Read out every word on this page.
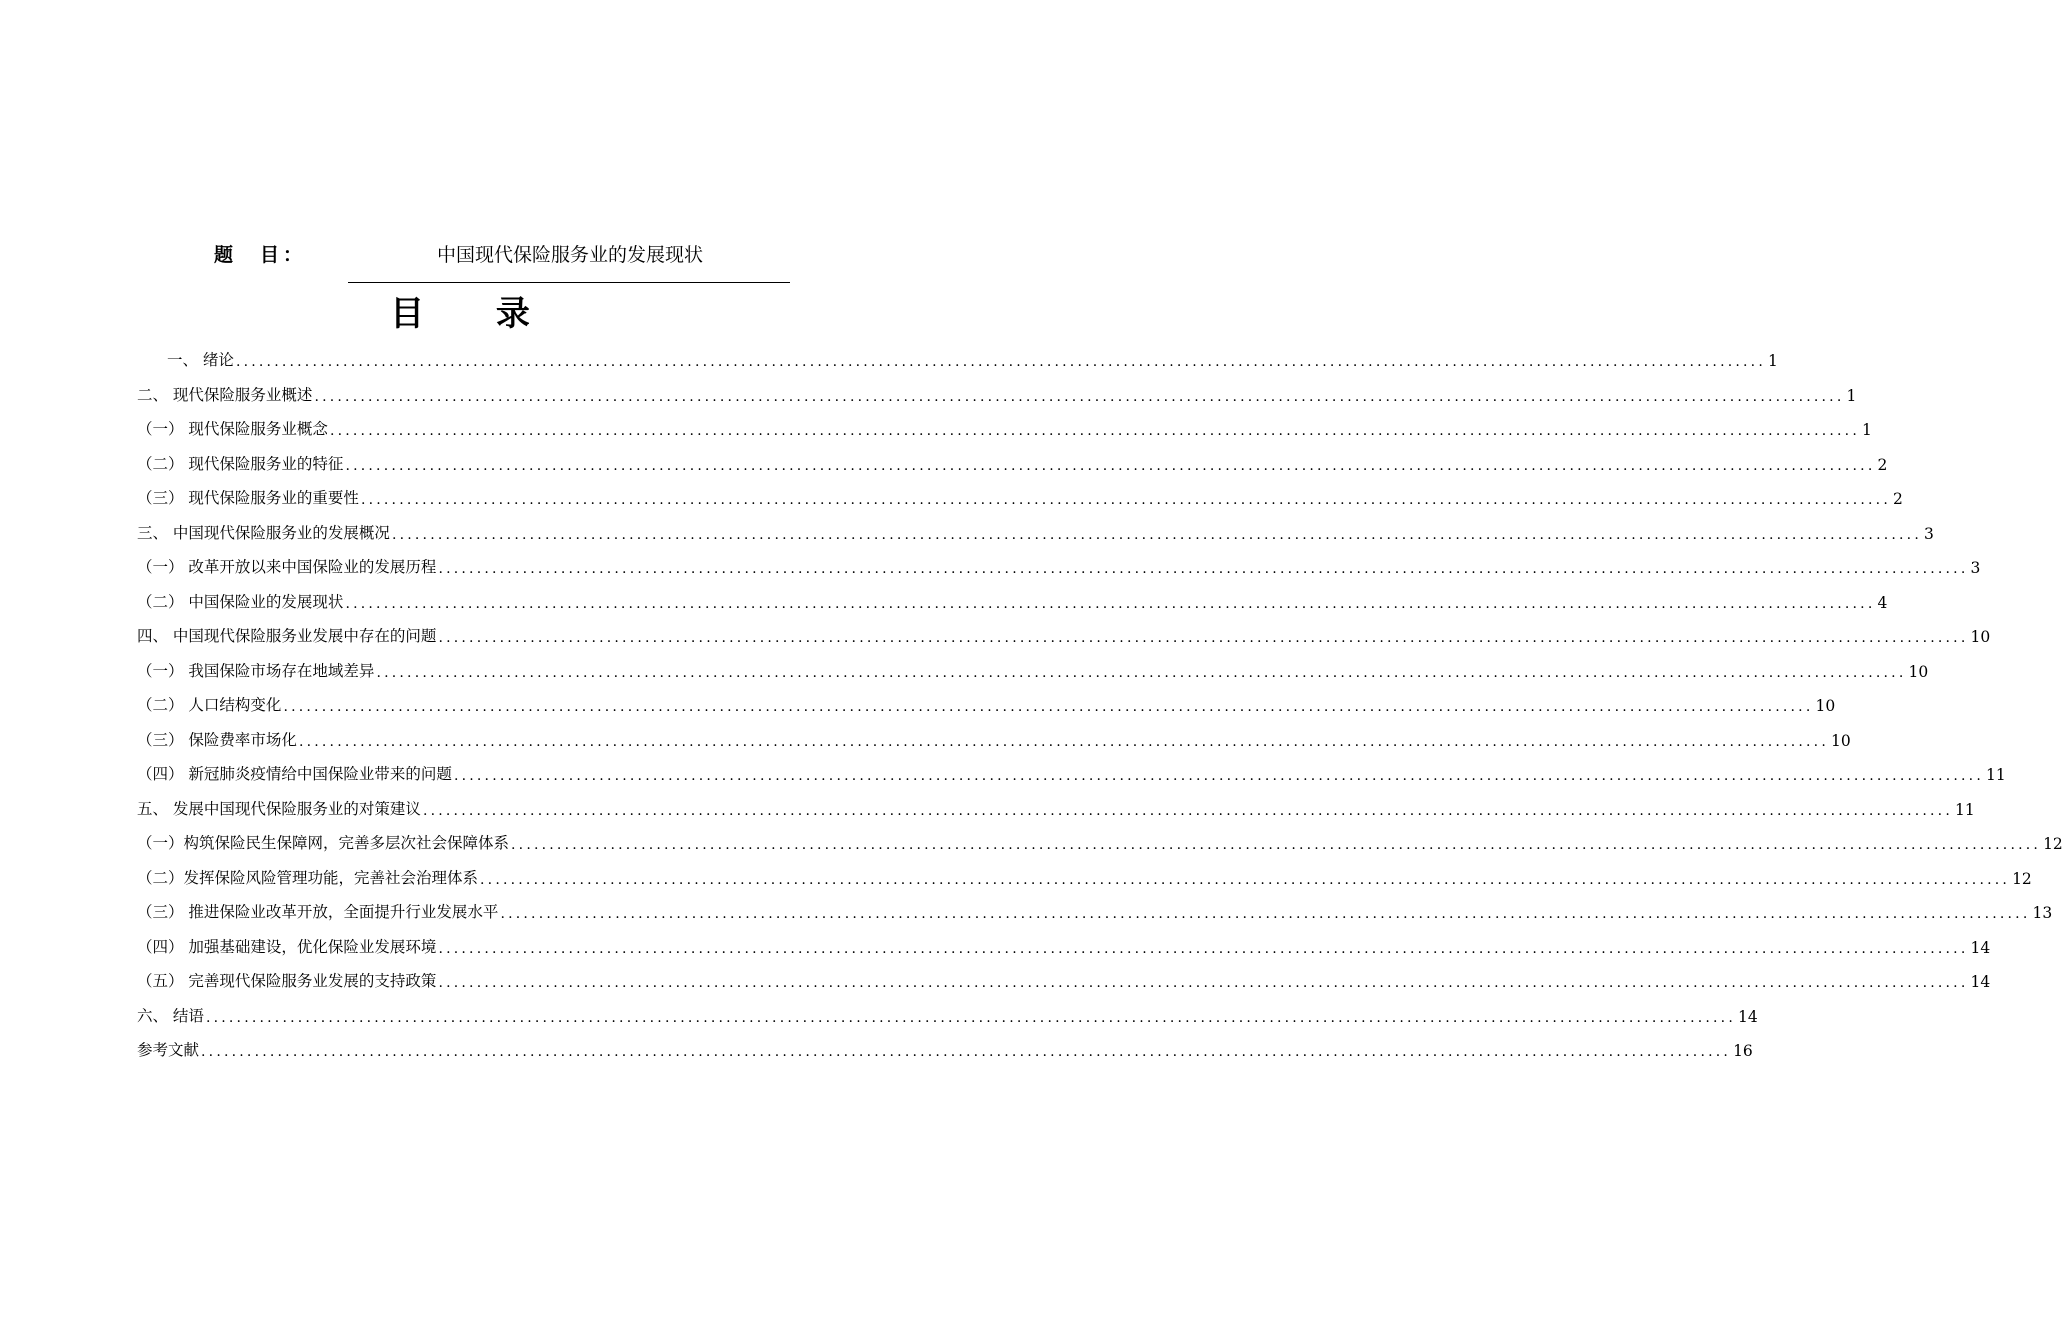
题　目：	中国现代保险服务业的发展现状
目 录
一、 绪论 ........................................................................................................................................................................................................ 1
二、 现代保险服务业概述 ........................................................................................................................................................................................................ 1
（一） 现代保险服务业概念 ........................................................................................................................................................................................................ 1
（二） 现代保险服务业的特征 ........................................................................................................................................................................................................ 2
（三） 现代保险服务业的重要性 ........................................................................................................................................................................................................ 2
三、 中国现代保险服务业的发展概况 ........................................................................................................................................................................................................ 3
（一） 改革开放以来中国保险业的发展历程 ........................................................................................................................................................................................................ 3
（二） 中国保险业的发展现状 ........................................................................................................................................................................................................ 4
四、 中国现代保险服务业发展中存在的问题 ........................................................................................................................................................................................................ 10
（一） 我国保险市场存在地域差异 ........................................................................................................................................................................................................ 10
（二） 人口结构变化 ........................................................................................................................................................................................................ 10
（三） 保险费率市场化 ........................................................................................................................................................................................................ 10
（四） 新冠肺炎疫情给中国保险业带来的问题 ........................................................................................................................................................................................................ 11
五、 发展中国现代保险服务业的对策建议 ........................................................................................................................................................................................................ 11
（一）构筑保险民生保障网，完善多层次社会保障体系 ........................................................................................................................................................................................................ 12
（二）发挥保险风险管理功能，完善社会治理体系 ........................................................................................................................................................................................................ 12
（三） 推进保险业改革开放，全面提升行业发展水平 ........................................................................................................................................................................................................ 13
（四） 加强基础建设，优化保险业发展环境 ........................................................................................................................................................................................................ 14
（五） 完善现代保险服务业发展的支持政策 ........................................................................................................................................................................................................ 14
六、 结语 ........................................................................................................................................................................................................ 14
参考文献 ........................................................................................................................................................................................................ 16
